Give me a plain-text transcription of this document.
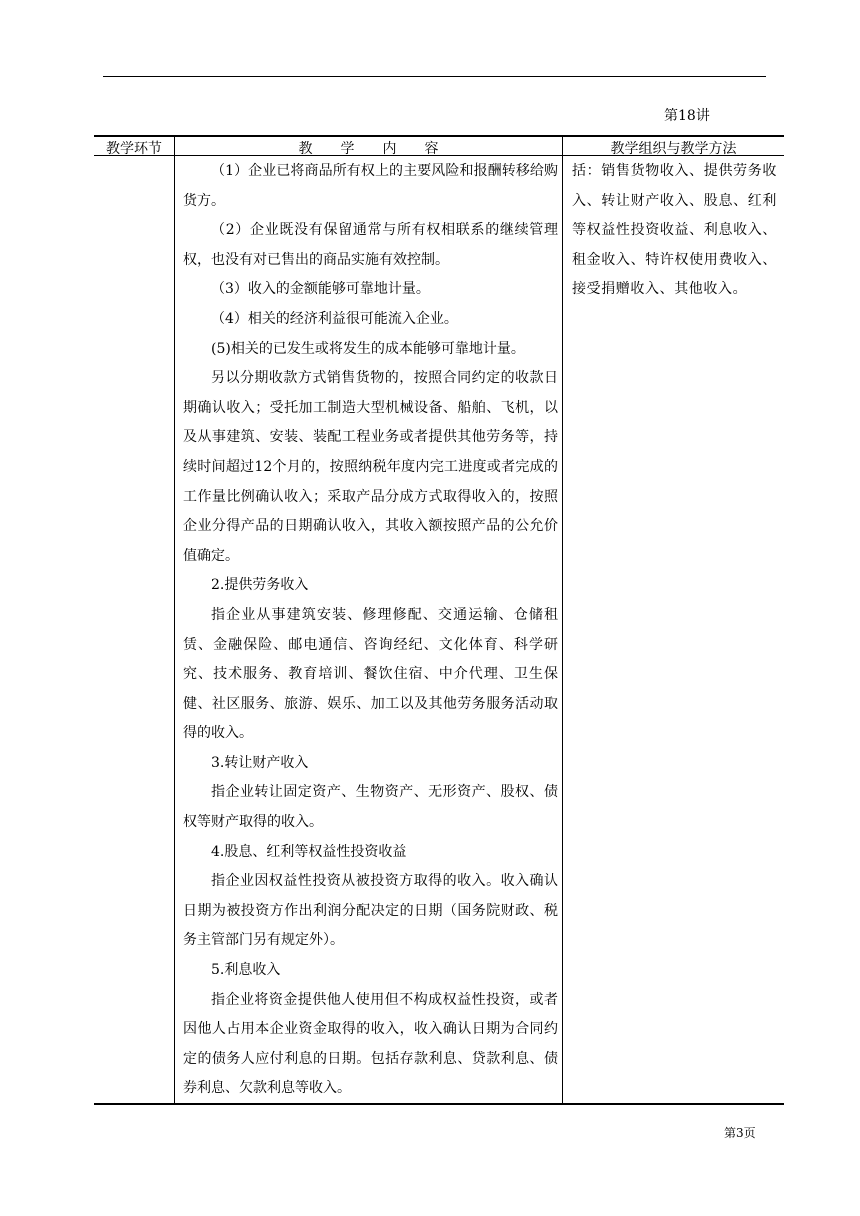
第18讲
教学环节	教　　学　　内　　容	教学组织与教学方法

（1）企业已将商品所有权上的主要风险和报酬转移给购货方。

（2）企业既没有保留通常与所有权相联系的继续管理权，也没有对已售出的商品实施有效控制。

（3）收入的金额能够可靠地计量。

（4）相关的经济利益很可能流入企业。

(5)相关的已发生或将发生的成本能够可靠地计量。

另以分期收款方式销售货物的，按照合同约定的收款日期确认收入；受托加工制造大型机械设备、船舶、飞机，以及从事建筑、安装、装配工程业务或者提供其他劳务等，持续时间超过12个月的，按照纳税年度内完工进度或者完成的工作量比例确认收入；采取产品分成方式取得收入的，按照企业分得产品的日期确认收入，其收入额按照产品的公允价值确定。

2.提供劳务收入

指企业从事建筑安装、修理修配、交通运输、仓储租赁、金融保险、邮电通信、咨询经纪、文化体育、科学研究、技术服务、教育培训、餐饮住宿、中介代理、卫生保健、社区服务、旅游、娱乐、加工以及其他劳务服务活动取得的收入。

3.转让财产收入

指企业转让固定资产、生物资产、无形资产、股权、债权等财产取得的收入。

4.股息、红利等权益性投资收益

指企业因权益性投资从被投资方取得的收入。收入确认日期为被投资方作出利润分配决定的日期（国务院财政、税务主管部门另有规定外）。

5.利息收入

指企业将资金提供他人使用但不构成权益性投资，或者因他人占用本企业资金取得的收入，收入确认日期为合同约定的债务人应付利息的日期。包括存款利息、贷款利息、债券利息、欠款利息等收入。

括：销售货物收入、提供劳务收入、转让财产收入、股息、红利等权益性投资收益、利息收入、租金收入、特许权使用费收入、接受捐赠收入、其他收入。
第3页
